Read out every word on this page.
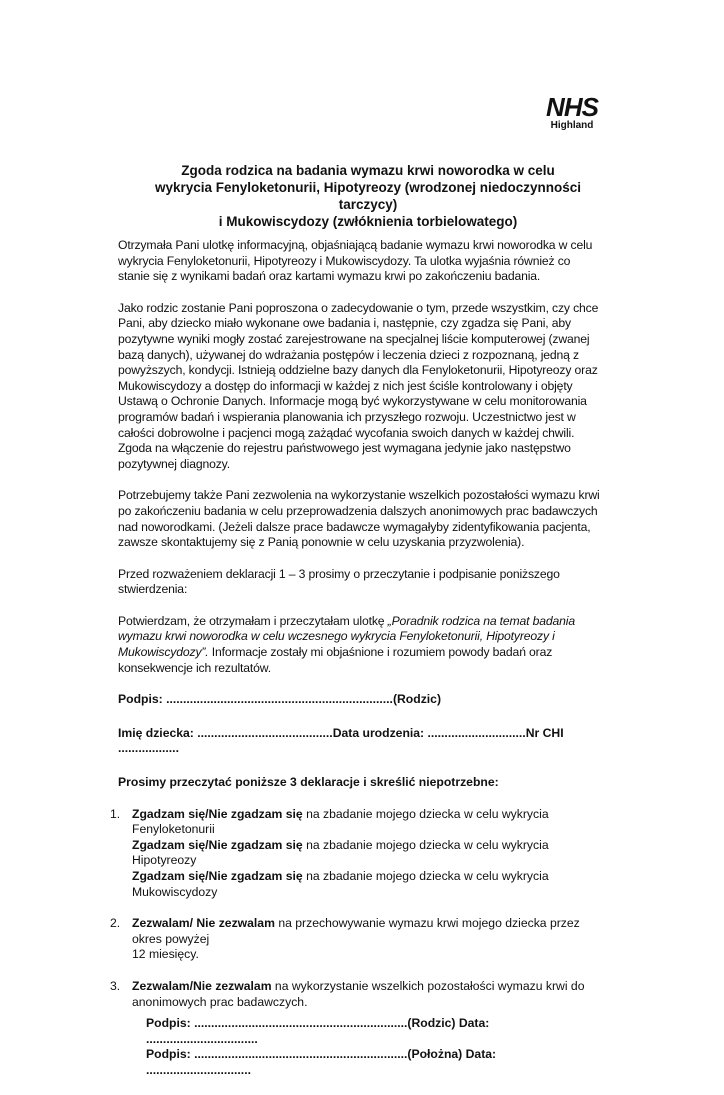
NHS
Highland
Zgoda rodzica na badania wymazu krwi noworodka w celu
wykrycia Fenyloketonurii, Hipotyreozy (wrodzonej niedoczynności
tarczycy)
i Mukowiscydozy (zwłóknienia torbielowatego)

Otrzymała Pani ulotkę informacyjną, objaśniającą badanie wymazu krwi noworodka w celu wykrycia Fenyloketonurii, Hipotyreozy i Mukowiscydozy. Ta ulotka wyjaśnia również co stanie się z wynikami badań oraz kartami wymazu krwi po zakończeniu badania.

Jako rodzic zostanie Pani poproszona o zadecydowanie o tym, przede wszystkim, czy chce Pani, aby dziecko miało wykonane owe badania i, następnie, czy zgadza się Pani, aby pozytywne wyniki mogły zostać zarejestrowane na specjalnej liście komputerowej (zwanej bazą danych), używanej do wdrażania postępów i leczenia dzieci z rozpoznaną, jedną z powyższych, kondycji. Istnieją oddzielne bazy danych dla Fenyloketonurii, Hipotyreozy oraz Mukowiscydozy a dostęp do informacji w każdej z nich jest ściśle kontrolowany i objęty Ustawą o Ochronie Danych. Informacje mogą być wykorzystywane w celu monitorowania programów badań i wspierania planowania ich przyszłego rozwoju. Uczestnictwo jest w całości dobrowolne i pacjenci mogą zażądać wycofania swoich danych w każdej chwili. Zgoda na włączenie do rejestru państwowego jest wymagana jedynie jako następstwo pozytywnej diagnozy.

Potrzebujemy także Pani zezwolenia na wykorzystanie wszelkich pozostałości wymazu krwi po zakończeniu badania w celu przeprowadzenia dalszych anonimowych prac badawczych nad noworodkami. (Jeżeli dalsze prace badawcze wymagałyby zidentyfikowania pacjenta, zawsze skontaktujemy się z Panią ponownie w celu uzyskania przyzwolenia).

Przed rozważeniem deklaracji 1 – 3 prosimy o przeczytanie i podpisanie poniższego stwierdzenia:

Potwierdzam, że otrzymałam i przeczytałam ulotkę „Poradnik rodzica na temat badania wymazu krwi noworodka w celu wczesnego wykrycia Fenyloketonurii, Hipotyreozy i Mukowiscydozy”. Informacje zostały mi objaśnione i rozumiem powody badań oraz konsekwencje ich rezultatów.

Podpis: ...................................................................(Rodzic)
Imię dziecka: ........................................Data urodzenia: .............................Nr CHI ..................
Prosimy przeczytać poniższe 3 deklaracje i skreślić niepotrzebne:
1. Zgadzam się/Nie zgadzam się na zbadanie mojego dziecka w celu wykrycia Fenyloketonurii
Zgadzam się/Nie zgadzam się na zbadanie mojego dziecka w celu wykrycia Hipotyreozy
Zgadzam się/Nie zgadzam się na zbadanie mojego dziecka w celu wykrycia Mukowiscydozy
2. Zezwalam/ Nie zezwalam na przechowywanie wymazu krwi mojego dziecka przez okres powyżej
12 miesięcy.
3. Zezwalam/Nie zezwalam na wykorzystanie wszelkich pozostałości wymazu krwi do anonimowych prac badawczych.
Podpis: ...............................................................(Rodzic) Data: .................................
Podpis: ...............................................................(Położna) Data: ...............................
